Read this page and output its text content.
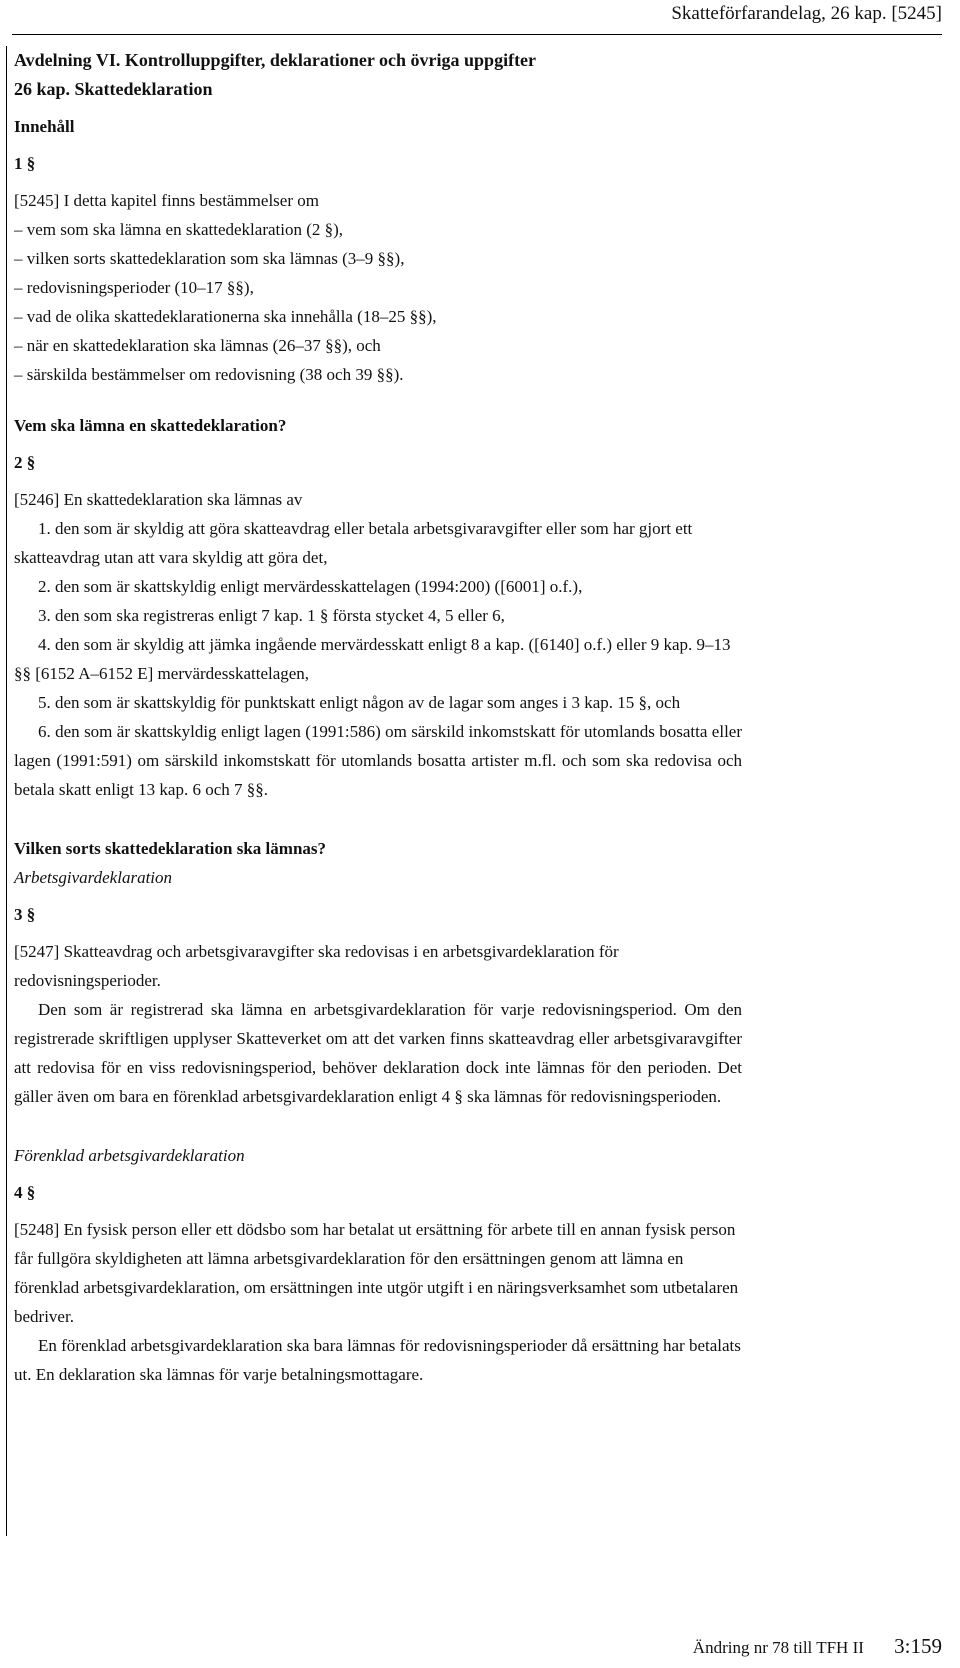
Skatteförfarandelag, 26 kap. [5245]

Avdelning VI. Kontrolluppgifter, deklarationer och övriga uppgifter

26 kap. Skattedeklaration

Innehåll

1 §

[5245] I detta kapitel finns bestämmelser om

– vem som ska lämna en skattedeklaration (2 §),

– vilken sorts skattedeklaration som ska lämnas (3–9 §§),

– redovisningsperioder (10–17 §§),

– vad de olika skattedeklarationerna ska innehålla (18–25 §§),

– när en skattedeklaration ska lämnas (26–37 §§), och

– särskilda bestämmelser om redovisning (38 och 39 §§).

Vem ska lämna en skattedeklaration?

2 §

[5246] En skattedeklaration ska lämnas av

1. den som är skyldig att göra skatteavdrag eller betala arbetsgivaravgifter eller som har gjort ett skatteavdrag utan att vara skyldig att göra det,

2. den som är skattskyldig enligt mervärdesskattelagen (1994:200) ([6001] o.f.),

3. den som ska registreras enligt 7 kap. 1 § första stycket 4, 5 eller 6,

4. den som är skyldig att jämka ingående mervärdesskatt enligt 8 a kap. ([6140] o.f.) eller 9 kap. 9–13 §§ [6152 A–6152 E] mervärdesskattelagen,

5. den som är skattskyldig för punktskatt enligt någon av de lagar som anges i 3 kap. 15 §, och

6. den som är skattskyldig enligt lagen (1991:586) om särskild inkomstskatt för utomlands bosatta eller lagen (1991:591) om särskild inkomstskatt för utomlands bosatta artister m.fl. och som ska redovisa och betala skatt enligt 13 kap. 6 och 7 §§.

Vilken sorts skattedeklaration ska lämnas?

Arbetsgivardeklaration

3 §

[5247] Skatteavdrag och arbetsgivaravgifter ska redovisas i en arbetsgivardeklaration för redovisningsperioder.

Den som är registrerad ska lämna en arbetsgivardeklaration för varje redovisningsperiod. Om den registrerade skriftligen upplyser Skatteverket om att det varken finns skatteavdrag eller arbetsgivaravgifter att redovisa för en viss redovisningsperiod, behöver deklaration dock inte lämnas för den perioden. Det gäller även om bara en förenklad arbetsgivardeklaration enligt 4 § ska lämnas för redovisningsperioden.

Förenklad arbetsgivardeklaration

4 §

[5248] En fysisk person eller ett dödsbo som har betalat ut ersättning för arbete till en annan fysisk person får fullgöra skyldigheten att lämna arbetsgivardeklaration för den ersättningen genom att lämna en förenklad arbetsgivardeklaration, om ersättningen inte utgör utgift i en näringsverksamhet som utbetalaren bedriver.

En förenklad arbetsgivardeklaration ska bara lämnas för redovisningsperioder då ersättning har betalats ut. En deklaration ska lämnas för varje betalningsmottagare.

Ändring nr 78 till TFH II 3:159
